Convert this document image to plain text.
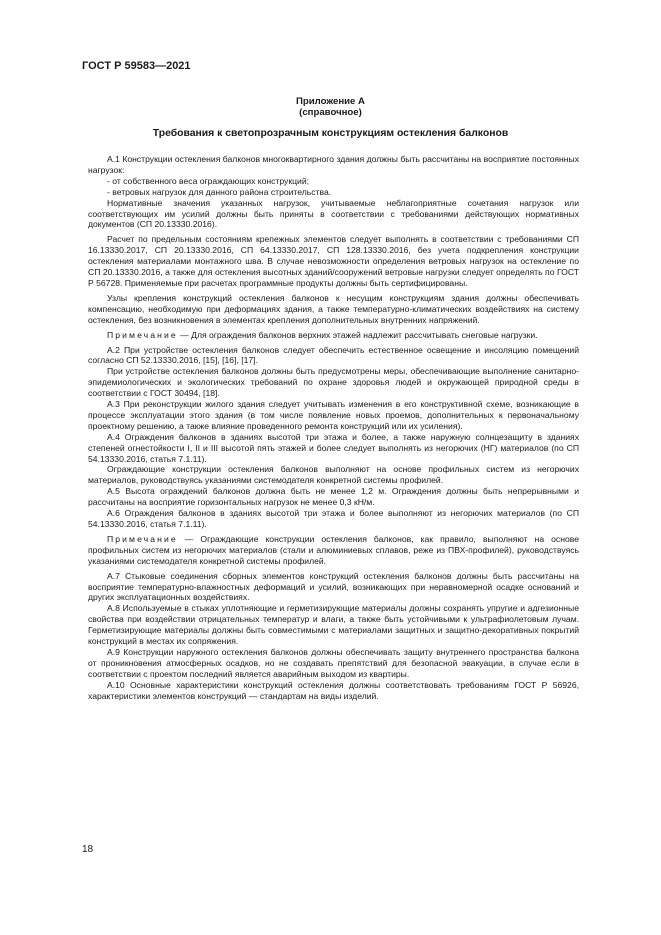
ГОСТ Р 59583—2021
Приложение А
(справочное)
Требования к светопрозрачным конструкциям остекления балконов

А.1 Конструкции остекления балконов многоквартирного здания должны быть рассчитаны на восприятие постоянных нагрузок:

- от собственного веса ограждающих конструкций;

- ветровых нагрузок для данного района строительства.

Нормативные значения указанных нагрузок, учитываемые неблагоприятные сочетания нагрузок или соответствующих им усилий должны быть приняты в соответствии с требованиями действующих нормативных документов (СП 20.13330.2016).

Расчет по предельным состояниям крепежных элементов следует выполнять в соответствии с требованиями СП 16.13330.2017, СП 20.13330.2016, СП 64.13330.2017, СП 128.13330.2016, без учета подкрепления конструкции остекления материалами монтажного шва. В случае невозможности определения ветровых нагрузок на остекление по СП 20.13330.2016, а также для остекления высотных зданий/сооружений ветровые нагрузки следует определять по ГОСТ Р 56728. Применяемые при расчетах программные продукты должны быть сертифицированы.

Узлы крепления конструкций остекления балконов к несущим конструкциям здания должны обеспечивать компенсацию, необходимую при деформациях здания, а также температурно-климатических воздействиях на систему остекления, без возникновения в элементах крепления дополнительных внутренних напряжений.

Примечание — Для ограждения балконов верхних этажей надлежит рассчитывать снеговые нагрузки.

А.2 При устройстве остекления балконов следует обеспечить естественное освещение и инсоляцию помещений согласно СП 52.13330.2016, [15], [16], [17].

При устройстве остекления балконов должны быть предусмотрены меры, обеспечивающие выполнение санитарно-эпидемиологических и экологических требований по охране здоровья людей и окружающей природной среды в соответствии с ГОСТ 30494, [18].

А.3 При реконструкции жилого здания следует учитывать изменения в его конструктивной схеме, возникающие в процессе эксплуатации этого здания (в том числе появление новых проемов, дополнительных к первоначальному проектному решению, а также влияние проведенного ремонта конструкций или их усиления).

А.4 Ограждения балконов в зданиях высотой три этажа и более, а также наружную солнцезащиту в зданиях степеней огнестойкости I, II и III высотой пять этажей и более следует выполнять из негорючих (НГ) материалов (по СП 54.13330.2016, статья 7.1.11).

Ограждающие конструкции остекления балконов выполняют на основе профильных систем из негорючих материалов, руководствуясь указаниями системодателя конкретной системы профилей.

А.5 Высота ограждений балконов должна быть не менее 1,2 м. Ограждения должны быть непрерывными и рассчитаны на восприятие горизонтальных нагрузок не менее 0,3 кН/м.

А.6 Ограждения балконов в зданиях высотой три этажа и более выполняют из негорючих материалов (по СП 54.13330.2016, статья 7.1.11).

Примечание — Ограждающие конструкции остекления балконов, как правило, выполняют на основе профильных систем из негорючих материалов (стали и алюминиевых сплавов, реже из ПВХ-профилей), руководствуясь указаниями системодателя конкретной системы профилей.

А.7 Стыковые соединения сборных элементов конструкций остекления балконов должны быть рассчитаны на восприятие температурно-влажностных деформаций и усилий, возникающих при неравномерной осадке оснований и других эксплуатационных воздействиях.

А.8 Используемые в стыках уплотняющие и герметизирующие материалы должны сохранять упругие и адгезионные свойства при воздействии отрицательных температур и влаги, а также быть устойчивыми к ультрафиолетовым лучам. Герметизирующие материалы должны быть совместимыми с материалами защитных и защитно-декоративных покрытий конструкций в местах их сопряжения.

А.9 Конструкции наружного остекления балконов должны обеспечивать защиту внутреннего пространства балкона от проникновения атмосферных осадков, но не создавать препятствий для безопасной эвакуации, в случае если в соответствии с проектом последний является аварийным выходом из квартиры.

А.10 Основные характеристики конструкций остекления должны соответствовать требованиям ГОСТ Р 56926, характеристики элементов конструкций — стандартам на виды изделий.

18
